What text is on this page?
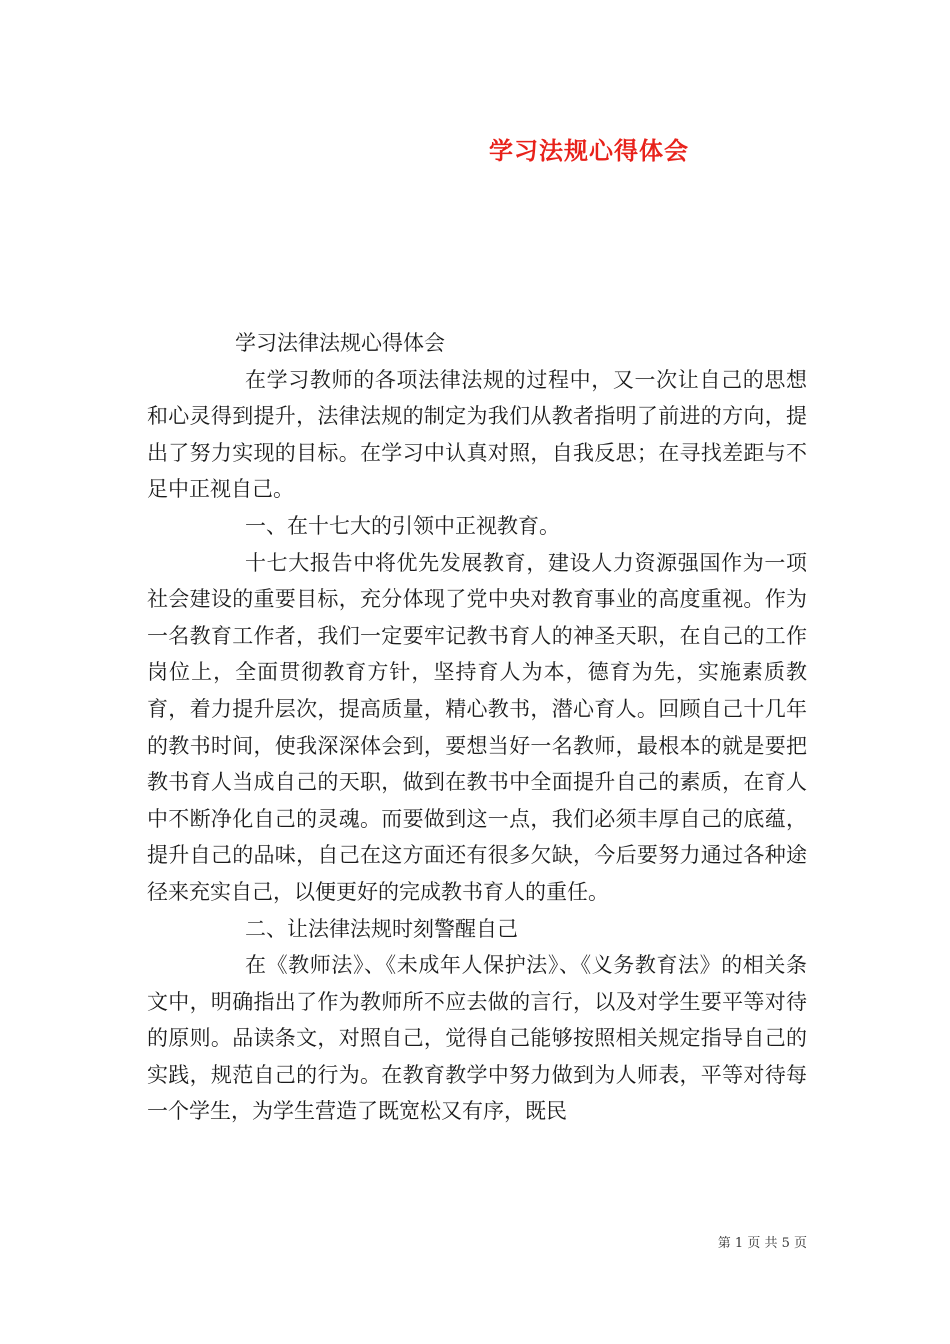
学习法规心得体会

学习法律法规心得体会

在学习教师的各项法律法规的过程中，又一次让自己的思想和心灵得到提升，法律法规的制定为我们从教者指明了前进的方向，提出了努力实现的目标。在学习中认真对照，自我反思；在寻找差距与不足中正视自己。

一、在十七大的引领中正视教育。

十七大报告中将优先发展教育，建设人力资源强国作为一项社会建设的重要目标，充分体现了党中央对教育事业的高度重视。作为一名教育工作者，我们一定要牢记教书育人的神圣天职，在自己的工作岗位上，全面贯彻教育方针，坚持育人为本，德育为先，实施素质教育，着力提升层次，提高质量，精心教书，潜心育人。回顾自己十几年的教书时间，使我深深体会到，要想当好一名教师，最根本的就是要把教书育人当成自己的天职，做到在教书中全面提升自己的素质，在育人中不断净化自己的灵魂。而要做到这一点，我们必须丰厚自己的底蕴，提升自己的品味，自己在这方面还有很多欠缺，今后要努力通过各种途径来充实自己，以便更好的完成教书育人的重任。

二、让法律法规时刻警醒自己

在《教师法》、《未成年人保护法》、《义务教育法》的相关条文中，明确指出了作为教师所不应去做的言行，以及对学生要平等对待的原则。品读条文，对照自己，觉得自己能够按照相关规定指导自己的实践，规范自己的行为。在教育教学中努力做到为人师表，平等对待每一个学生，为学生营造了既宽松又有序，既民

第 1 页 共 5 页
